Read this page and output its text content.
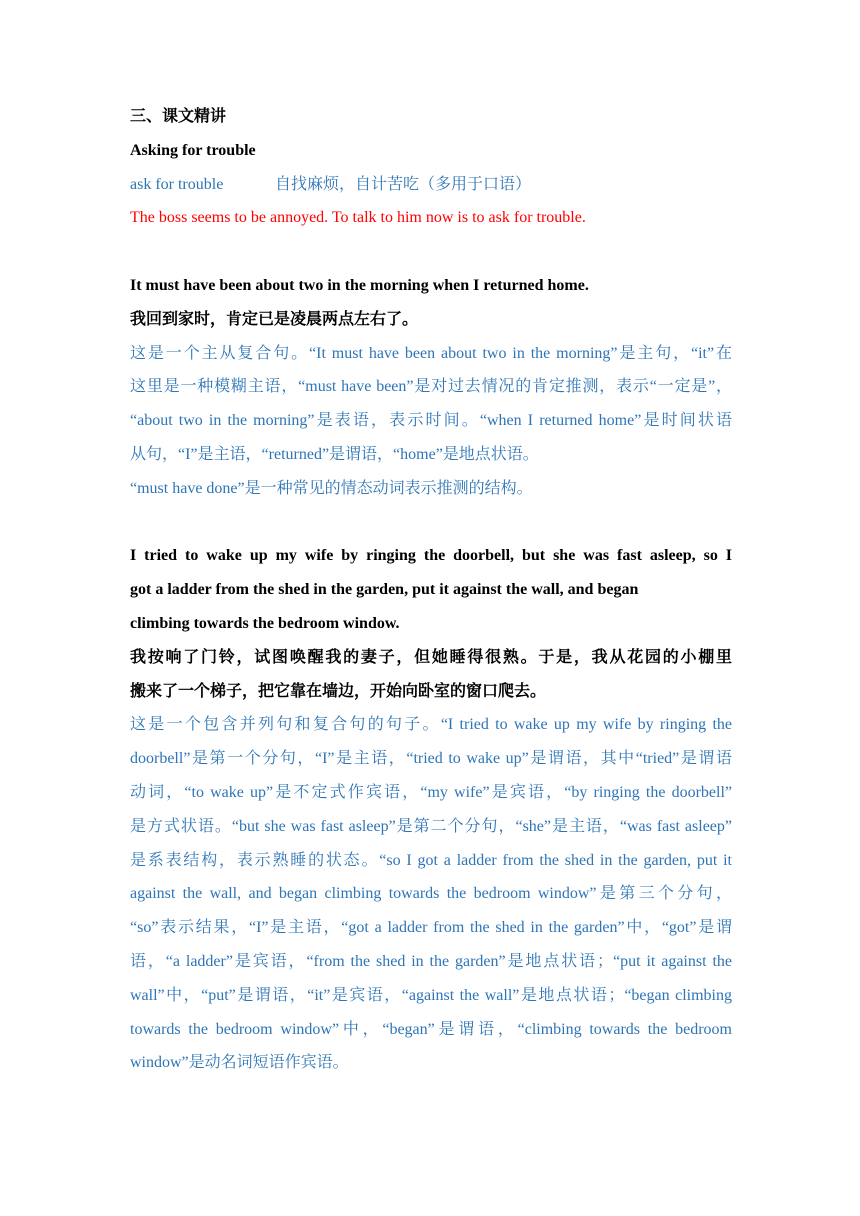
三、课文精讲
Asking for trouble
ask for trouble	自找麻烦，自计苦吃（多用于口语）
The boss seems to be annoyed. To talk to him now is to ask for trouble.
It must have been about two in the morning when I returned home.
我回到家时，肯定已是凌晨两点左右了。
这是一个主从复合句。“It must have been about two in the morning”是主句，“it”在
这里是一种模糊主语，“must have been”是对过去情况的肯定推测，表示“一定是”，
“about two in the morning”是表语，表示时间。“when I returned home”是时间状语
从句，“I”是主语，“returned”是谓语，“home”是地点状语。
“must have done”是一种常见的情态动词表示推测的结构。
I tried to wake up my wife by ringing the doorbell, but she was fast asleep, so I
got a ladder from the shed in the garden, put it against the wall, and began
climbing towards the bedroom window.
我按响了门铃，试图唤醒我的妻子，但她睡得很熟。于是，我从花园的小棚里
搬来了一个梯子，把它靠在墙边，开始向卧室的窗口爬去。
这是一个包含并列句和复合句的句子。“I tried to wake up my wife by ringing the
doorbell”是第一个分句，“I”是主语，“tried to wake up”是谓语，其中“tried”是谓语
动词，“to wake up”是不定式作宾语，“my wife”是宾语，“by ringing the doorbell”
是方式状语。“but she was fast asleep”是第二个分句，“she”是主语，“was fast asleep”
是系表结构，表示熟睡的状态。“so I got a ladder from the shed in the garden, put it
against the wall, and began climbing towards the bedroom window”是第三个分句，
“so”表示结果，“I”是主语，“got a ladder from the shed in the garden”中，“got”是谓
语，“a ladder”是宾语，“from the shed in the garden”是地点状语；“put it against the
wall”中，“put”是谓语，“it”是宾语，“against the wall”是地点状语；“began climbing
towards the bedroom window”中，“began”是谓语，“climbing towards the bedroom
window”是动名词短语作宾语。
